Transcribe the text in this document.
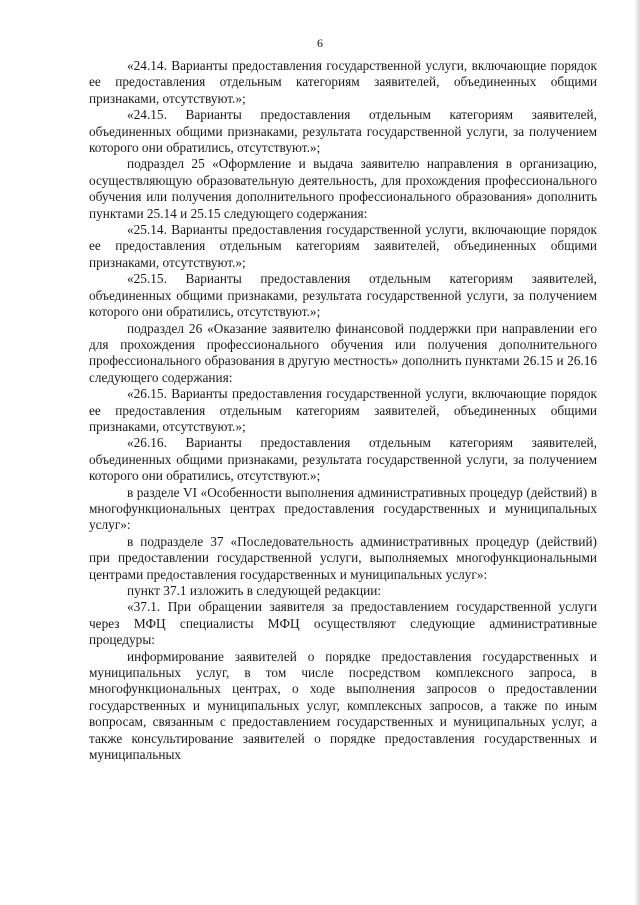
6

«24.14. Варианты предоставления государственной услуги, включающие порядок ее предоставления отдельным категориям заявителей, объединенных общими признаками, отсутствуют.»;

«24.15. Варианты предоставления отдельным категориям заявителей, объединенных общими признаками, результата государственной услуги, за получением которого они обратились, отсутствуют.»;

подраздел 25 «Оформление и выдача заявителю направления в организацию, осуществляющую образовательную деятельность, для прохождения профессионального обучения или получения дополнительного профессионального образования» дополнить пунктами 25.14 и 25.15 следующего содержания:

«25.14. Варианты предоставления государственной услуги, включающие порядок ее предоставления отдельным категориям заявителей, объединенных общими признаками, отсутствуют.»;

«25.15. Варианты предоставления отдельным категориям заявителей, объединенных общими признаками, результата государственной услуги, за получением которого они обратились, отсутствуют.»;

подраздел 26 «Оказание заявителю финансовой поддержки при направлении его для прохождения профессионального обучения или получения дополнительного профессионального образования в другую местность» дополнить пунктами 26.15 и 26.16 следующего содержания:

«26.15. Варианты предоставления государственной услуги, включающие порядок ее предоставления отдельным категориям заявителей, объединенных общими признаками, отсутствуют.»;

«26.16. Варианты предоставления отдельным категориям заявителей, объединенных общими признаками, результата государственной услуги, за получением которого они обратились, отсутствуют.»;

в разделе VI «Особенности выполнения административных процедур (действий) в многофункциональных центрах предоставления государственных и муниципальных услуг»:

в подразделе 37 «Последовательность административных процедур (действий) при предоставлении государственной услуги, выполняемых многофункциональными центрами предоставления государственных и муниципальных услуг»:

пункт 37.1 изложить в следующей редакции:

«37.1. При обращении заявителя за предоставлением государственной услуги через МФЦ специалисты МФЦ осуществляют следующие административные процедуры:

информирование заявителей о порядке предоставления государственных и муниципальных услуг, в том числе посредством комплексного запроса, в многофункциональных центрах, о ходе выполнения запросов о предоставлении государственных и муниципальных услуг, комплексных запросов, а также по иным вопросам, связанным с предоставлением государственных и муниципальных услуг, а также консультирование заявителей о порядке предоставления государственных и муниципальных
